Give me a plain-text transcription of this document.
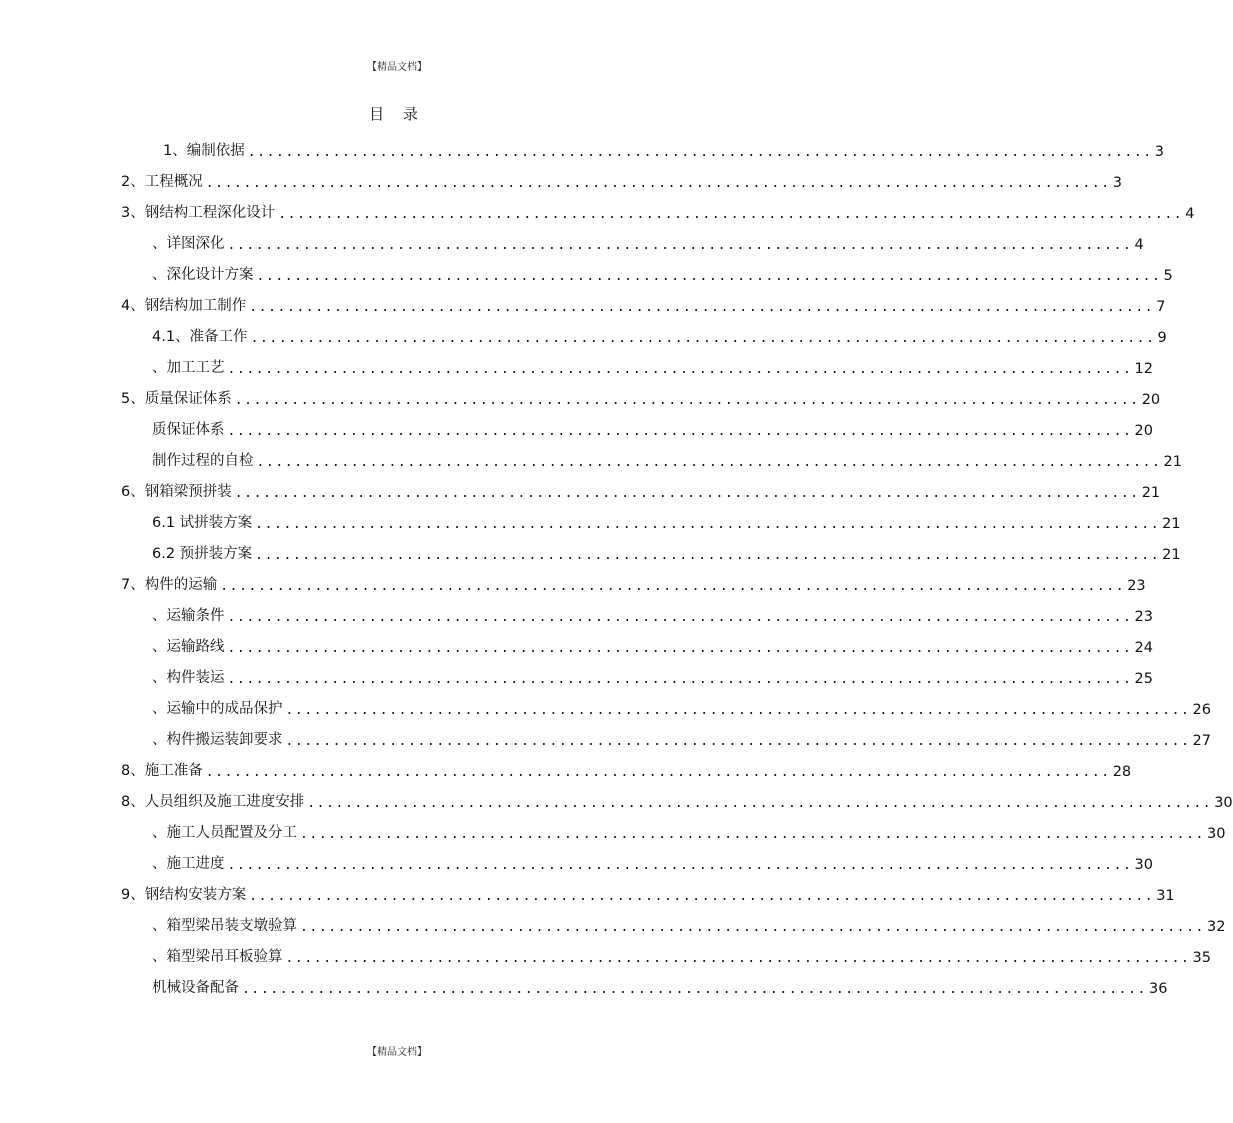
【精品文档】
目 录
1、编制依据 ................................................................................................ 3
2、工程概况 ................................................................................................ 3
3、钢结构工程深化设计 ................................................................................................ 4
、详图深化 ................................................................................................ 4
、深化设计方案 ................................................................................................ 5
4、钢结构加工制作 ................................................................................................ 7
4.1、准备工作 ................................................................................................ 9
、加工工艺 ................................................................................................ 12
5、质量保证体系 ................................................................................................ 20
质保证体系 ................................................................................................ 20
制作过程的自检 ................................................................................................ 21
6、钢箱梁预拼装 ................................................................................................ 21
6.1 试拼装方案 ................................................................................................ 21
6.2 预拼装方案 ................................................................................................ 21
7、构件的运输 ................................................................................................ 23
、运输条件 ................................................................................................ 23
、运输路线 ................................................................................................ 24
、构件装运 ................................................................................................ 25
、运输中的成品保护 ................................................................................................ 26
、构件搬运装卸要求 ................................................................................................ 27
8、施工准备 ................................................................................................ 28
8、人员组织及施工进度安排 ................................................................................................ 30
、施工人员配置及分工 ................................................................................................ 30
、施工进度 ................................................................................................ 30
9、钢结构安装方案 ................................................................................................ 31
、箱型梁吊装支墩验算 ................................................................................................ 32
、箱型梁吊耳板验算 ................................................................................................ 35
机械设备配备 ................................................................................................ 36
【精品文档】
